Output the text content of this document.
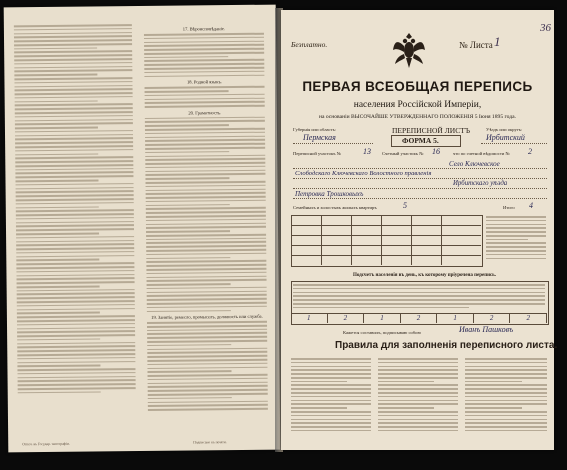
17. Вѣроисповѣданіе.
18. Родной языкъ.
20. Грамотность.
19. Занятіе, ремесло, промыселъ, должность или служба.
Отпеч. въ Государ. типографіи.	Подписано къ печати.
Безплатно.	№ Листа 1
36
ПЕРВАЯ ВСЕОБЩАЯ ПЕРЕПИСЬ
населения Россійской Имперіи,
на основаніи ВЫСОЧАЙШЕ УТВЕРЖДЕННАГО ПОЛОЖЕНІЯ 5 Іюня 1895 года.
Губернія или область:
Пермская
Уѣздъ или округъ:
Ирбитский
ПЕРЕПИСНОЙ ЛИСТЪ
ФОРМА 5.
Переписной участокъ №	13 Счетный участокъ № 16	что по счетной вѣдомости № 2
Село Ключевское
Слободскаго Ключевскаго Волостного правленія
Ирбитскаго уѣзда
Петровка Трошковыхъ
Семейныхъ и холостыхъ жилыхъ квартиръ	5	Итого 4
Подсчетъ населенія въ день, къ которому пріурочена перепись.
1	2	1	2	1	2	2
Кажется составилъ, подписываю собою	Иванъ Пашковъ
Правила для заполненія переписного листа.
